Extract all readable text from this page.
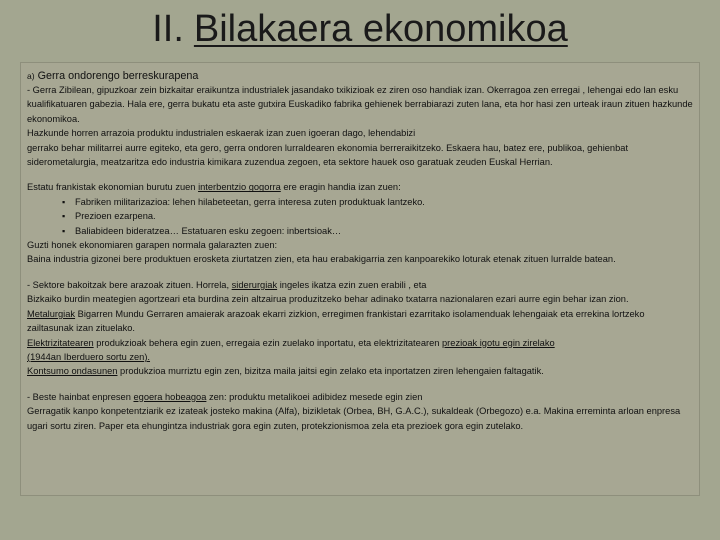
II. Bilakaera ekonomikoa

a) Gerra ondorengo berreskurapena

- Gerra Zibilean, gipuzkoar zein bizkaitar eraikuntza industrialek jasandako txikizioak ez ziren oso handiak izan. Okerragoa zen erregai , lehengai edo lan esku kualifikatuaren gabezia. Hala ere, gerra bukatu eta aste gutxira Euskadiko fabrika gehienek berrabiarazi zuten lana, eta hor hasi zen urteak iraun zituen hazkunde ekonomikoa.

Hazkunde horren arrazoia produktu industrialen eskaerak izan zuen igoeran dago, lehendabizi

gerrako behar militarrei aurre egiteko, eta gero, gerra ondoren lurraldearen ekonomia berreraikitzeko. Eskaera hau, batez ere, publikoa, gehienbat siderometalurgia, meatzaritza edo industria kimikara zuzendua zegoen, eta sektore hauek oso garatuak zeuden Euskal Herrian.

Estatu frankistak ekonomian burutu zuen interbentzio gogorra ere eragin handia izan zuen:

▪ Fabriken militarizazioa: lehen hilabeteetan, gerra interesa zuten produktuak lantzeko.
▪ Prezioen ezarpena.
▪ Baliabideen bideratzea… Estatuaren esku zegoen: inbertsioak…

Guzti honek ekonomiaren garapen normala galarazten zuen:

Baina industria gizonei bere produktuen erosketa ziurtatzen zien, eta hau erabakigarria zen kanpoarekiko loturak etenak zituen lurralde batean.

- Sektore bakoitzak bere arazoak zituen. Horrela, siderurgiak ingeles ikatza ezin zuen erabili , eta

Bizkaiko burdin meategien agortzeari eta burdina zein altzairua produzitzeko behar adinako txatarra nazionalaren ezari aurre egin behar izan zion.

Metalurgiak Bigarren Mundu Gerraren amaierak arazoak ekarri zizkion, erregimen frankistari ezarritako isolamenduak lehengaiak eta errekina lortzeko zailtasunak izan zituelako.

Elektrizitatearen produkzioak behera egin zuen, erregaia ezin zuelako inportatu, eta elektrizitatearen prezioak igotu egin zirelako

(1944an Iberduero sortu zen).

Kontsumo ondasunen produkzioa murriztu egin zen, bizitza maila jaitsi egin zelako eta inportatzen ziren lehengaien faltagatik.

- Beste hainbat enpresen egoera hobeagoa zen: produktu metalikoei adibidez mesede egin zien

Gerragatik kanpo konpetentziarik ez izateak josteko makina (Alfa), bizikletak (Orbea, BH, G.A.C.), sukaldeak (Orbegozo) e.a. Makina erreminta arloan enpresa ugari sortu ziren. Paper eta ehungintza industriak gora egin zuten, protekzionismoa zela eta prezioek gora egin zutelako.
